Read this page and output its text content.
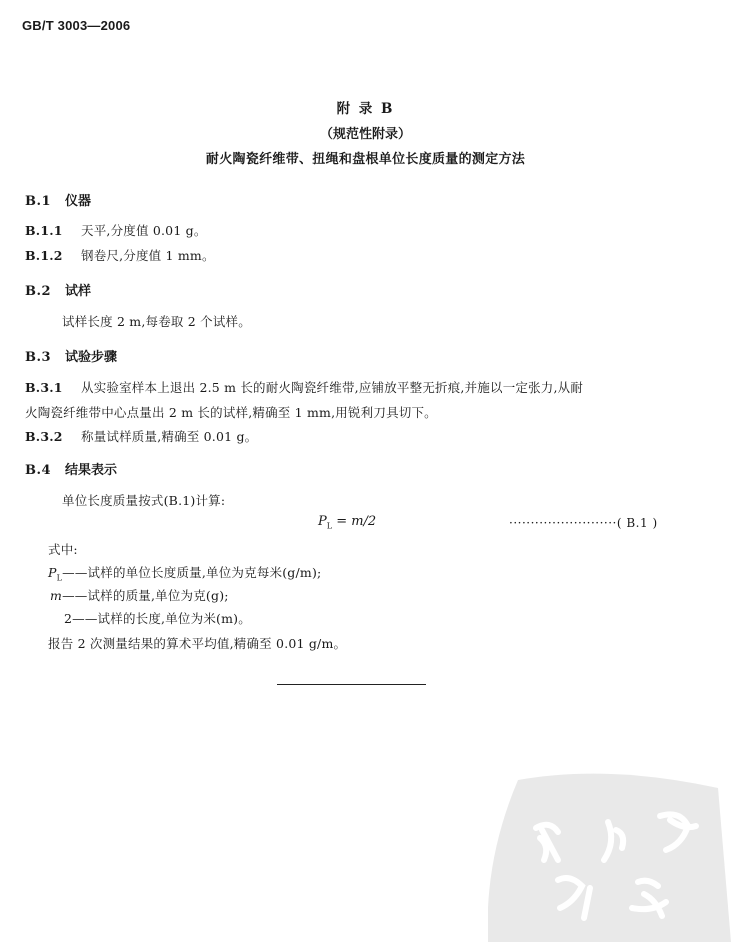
GB/T 3003—2006
附 录 B
（规范性附录）
耐火陶瓷纤维带、扭绳和盘根单位长度质量的测定方法
B.1 仪器
B.1.1 天平,分度值 0.01 g。
B.1.2 钢卷尺,分度值 1 mm。
B.2 试样
试样长度 2 m,每卷取 2 个试样。
B.3 试验步骤
B.3.1 从实验室样本上退出 2.5 m 长的耐火陶瓷纤维带,应铺放平整无折痕,并施以一定张力,从耐
火陶瓷纤维带中心点量出 2 m 长的试样,精确至 1 mm,用锐利刀具切下。
B.3.2 称量试样质量,精确至 0.01 g。
B.4 结果表示
单位长度质量按式(B.1)计算:
$P_L = m/2$	·························( B.1 )
式中:
$P_L——$试样的单位长度质量,单位为克每米(g/m);
m——试样的质量,单位为克(g);
2——试样的长度,单位为米(m)。
报告 2 次测量结果的算术平均值,精确至 0.01 g/m。
